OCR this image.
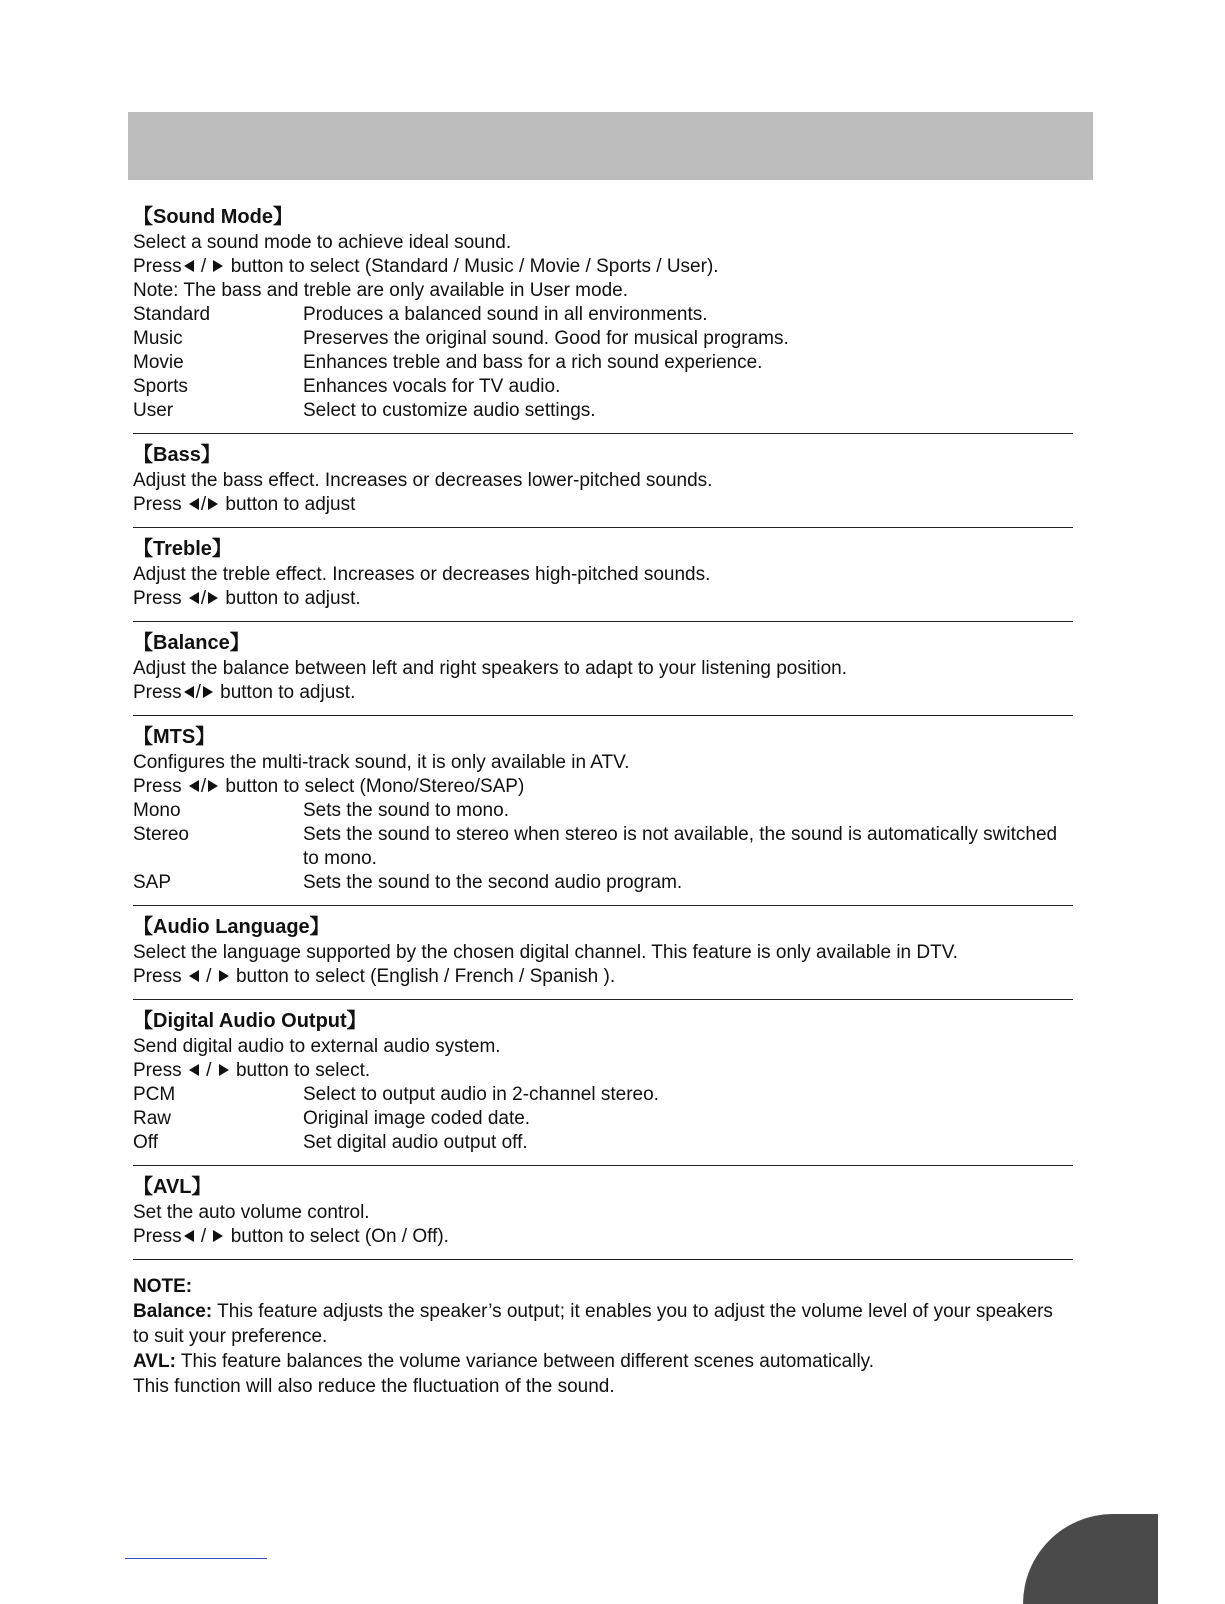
【Sound Mode】
Select a sound mode to achieve ideal sound.
Press /  button to select (Standard / Music / Movie / Sports / User).
Note: The bass and treble are only available in User mode.
Standard	Produces a balanced sound in all environments.
Music	Preserves the original sound. Good for musical programs.
Movie	Enhances treble and bass for a rich sound experience.
Sports	Enhances vocals for TV audio.
User	Select to customize audio settings.
【Bass】
Adjust the bass effect. Increases or decreases lower-pitched sounds.
Press / button to adjust
【Treble】
Adjust the treble effect. Increases or decreases high-pitched sounds.
Press / button to adjust.
【Balance】
Adjust the balance between left and right speakers to adapt to your listening position.
Press / button to adjust.
【MTS】
Configures the multi-track sound, it is only available in ATV.
Press / button to select (Mono/Stereo/SAP)
Mono	Sets the sound to mono.
Stereo	Sets the sound to stereo when stereo is not available, the sound is automatically switched to mono.
SAP	Sets the sound to the second audio program.
【Audio Language】
Select the language supported by the chosen digital channel. This feature is only available in DTV.
Press  /  button to select (English / French / Spanish ).
【Digital Audio Output】
Send digital audio to external audio system.
Press  /  button to select.
PCM	Select to output audio in 2-channel stereo.
Raw	Original image coded date.
Off	Set digital audio output off.
【AVL】
Set the auto volume control.
Press /  button to select (On / Off).
NOTE:
Balance: This feature adjusts the speaker’s output; it enables you to adjust the volume level of your speakers to suit your preference.
AVL: This feature balances the volume variance between different scenes automatically.
This function will also reduce the fluctuation of the sound.
